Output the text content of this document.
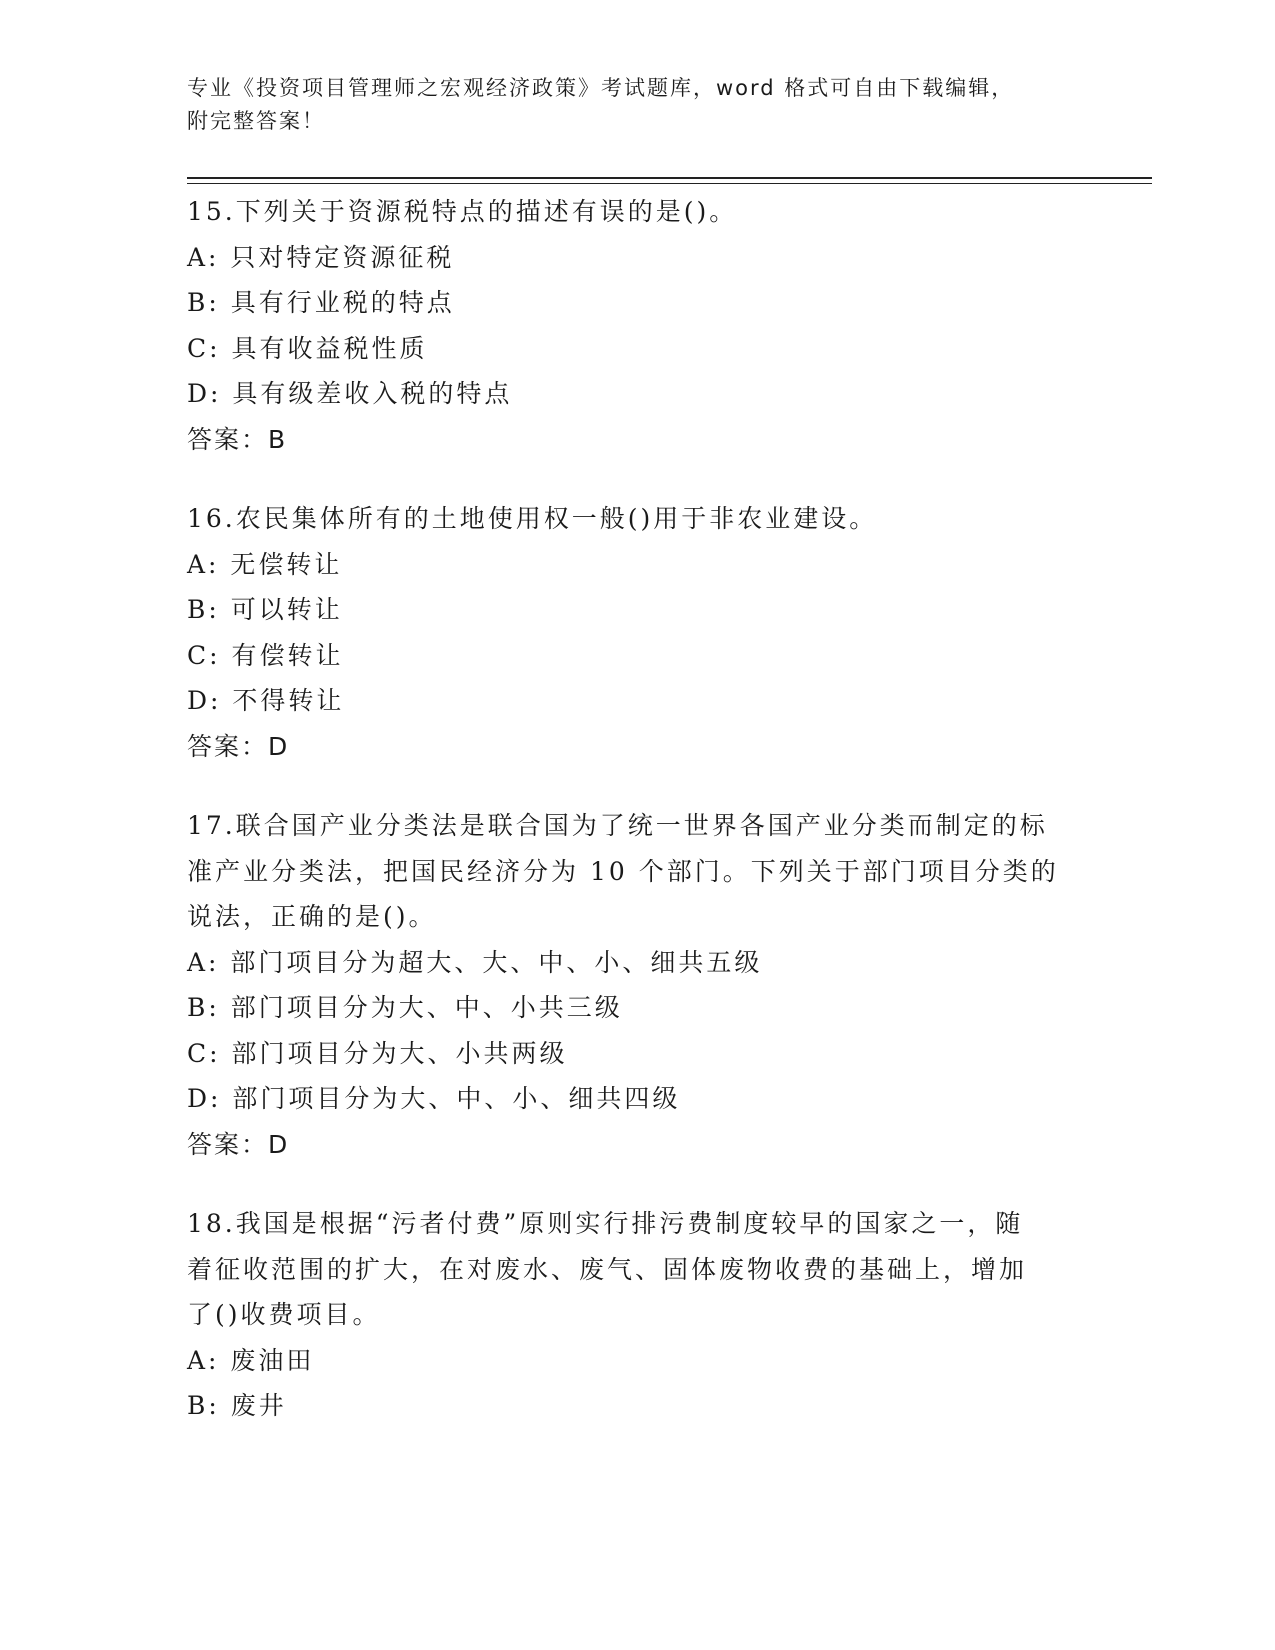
专业《投资项目管理师之宏观经济政策》考试题库，word 格式可自由下载编辑，
附完整答案！
15.下列关于资源税特点的描述有误的是()。
A: 只对特定资源征税
B: 具有行业税的特点
C: 具有收益税性质
D: 具有级差收入税的特点
答案：B
16.农民集体所有的土地使用权一般()用于非农业建设。
A: 无偿转让
B: 可以转让
C: 有偿转让
D: 不得转让
答案：D
17.联合国产业分类法是联合国为了统一世界各国产业分类而制定的标
准产业分类法，把国民经济分为 10 个部门。下列关于部门项目分类的
说法，正确的是()。
A: 部门项目分为超大、大、中、小、细共五级
B: 部门项目分为大、中、小共三级
C: 部门项目分为大、小共两级
D: 部门项目分为大、中、小、细共四级
答案：D
18.我国是根据“污者付费”原则实行排污费制度较早的国家之一，随
着征收范围的扩大，在对废水、废气、固体废物收费的基础上，增加
了()收费项目。
A: 废油田
B: 废井
